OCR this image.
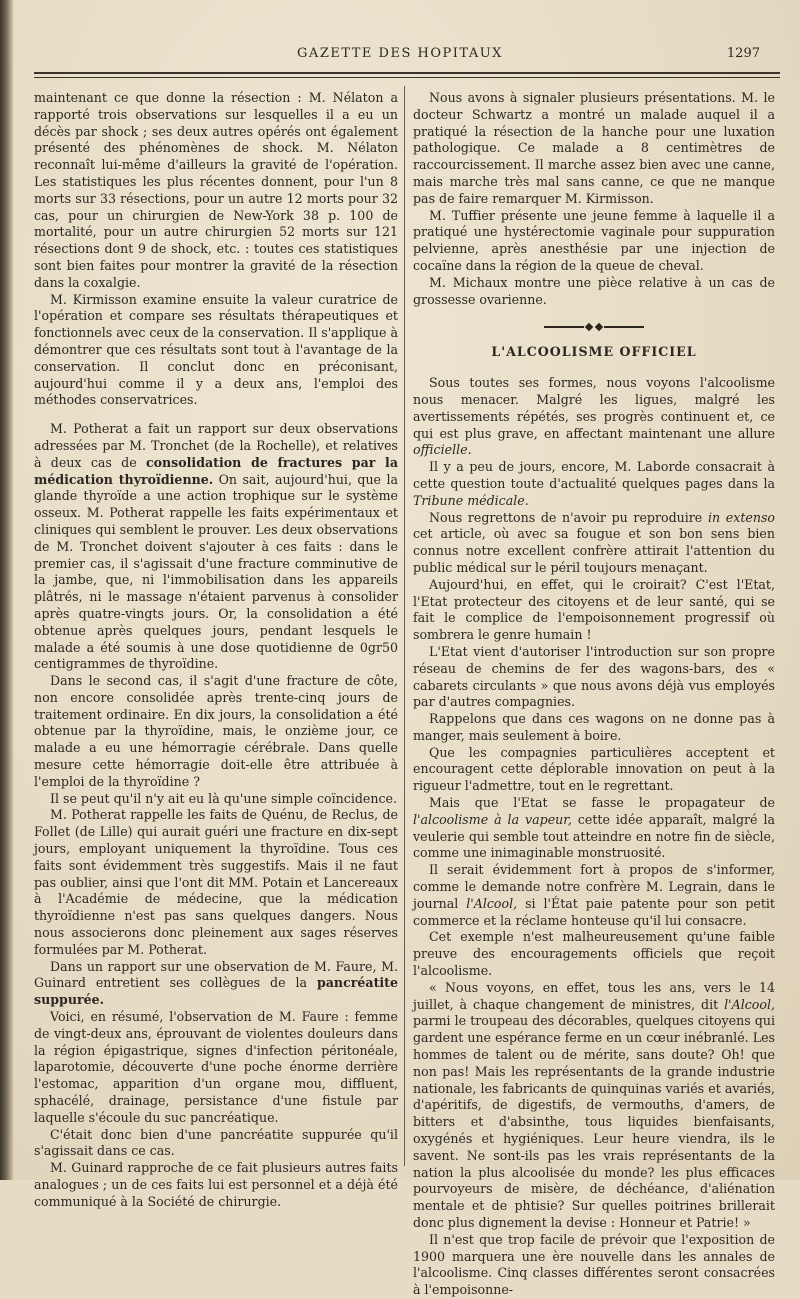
GAZETTE DES HOPITAUX	1297

maintenant ce que donne la résection : M. Nélaton a rapporté trois observations sur lesquelles il a eu un décès par shock ; ses deux autres opérés ont également présenté des phénomènes de shock. M. Nélaton reconnaît lui-même d'ailleurs la gravité de l'opération. Les statistiques les plus récentes donnent, pour l'un 8 morts sur 33 résections, pour un autre 12 morts pour 32 cas, pour un chirurgien de New-York 38 p. 100 de mortalité, pour un autre chirurgien 52 morts sur 121 résections dont 9 de shock, etc. : toutes ces statistiques sont bien faites pour montrer la gravité de la résection dans la coxalgie.

M. Kirmisson examine ensuite la valeur curatrice de l'opération et compare ses résultats thérapeutiques et fonctionnels avec ceux de la conservation. Il s'applique à démontrer que ces résultats sont tout à l'avantage de la conservation. Il conclut donc en préconisant, aujourd'hui comme il y a deux ans, l'emploi des méthodes conservatrices.

M. Potherat a fait un rapport sur deux observations adressées par M. Tronchet (de la Rochelle), et relatives à deux cas de consolidation de fractures par la médication thyroïdienne. On sait, aujourd'hui, que la glande thyroïde a une action trophique sur le système osseux. M. Potherat rappelle les faits expérimentaux et cliniques qui semblent le prouver. Les deux observations de M. Tronchet doivent s'ajouter à ces faits : dans le premier cas, il s'agissait d'une fracture comminutive de la jambe, que, ni l'immobilisation dans les appareils plâtrés, ni le massage n'étaient parvenus à consolider après quatre-vingts jours. Or, la consolidation a été obtenue après quelques jours, pendant lesquels le malade a été soumis à une dose quotidienne de 0gr50 centigrammes de thyroïdine.

Dans le second cas, il s'agit d'une fracture de côte, non encore consolidée après trente-cinq jours de traitement ordinaire. En dix jours, la consolidation a été obtenue par la thyroïdine, mais, le onzième jour, ce malade a eu une hémorragie cérébrale. Dans quelle mesure cette hémorragie doit-elle être attribuée à l'emploi de la thyroïdine ?

Il se peut qu'il n'y ait eu là qu'une simple coïncidence.

M. Potherat rappelle les faits de Quénu, de Reclus, de Follet (de Lille) qui aurait guéri une fracture en dix-sept jours, employant uniquement la thyroïdine. Tous ces faits sont évidemment très suggestifs. Mais il ne faut pas oublier, ainsi que l'ont dit MM. Potain et Lancereaux à l'Académie de médecine, que la médication thyroïdienne n'est pas sans quelques dangers. Nous nous associerons donc pleinement aux sages réserves formulées par M. Potherat.

Dans un rapport sur une observation de M. Faure, M. Guinard entretient ses collègues de la pancréatite suppurée.

Voici, en résumé, l'observation de M. Faure : femme de vingt-deux ans, éprouvant de violentes douleurs dans la région épigastrique, signes d'infection péritonéale, laparotomie, découverte d'une poche énorme derrière l'estomac, apparition d'un organe mou, diffluent, sphacélé, drainage, persistance d'une fistule par laquelle s'écoule du suc pancréatique.

C'était donc bien d'une pancréatite suppurée qu'il s'agissait dans ce cas.

M. Guinard rapproche de ce fait plusieurs autres faits analogues ; un de ces faits lui est personnel et a déjà été communiqué à la Société de chirurgie.

Nous avons à signaler plusieurs présentations. M. le docteur Schwartz a montré un malade auquel il a pratiqué la résection de la hanche pour une luxation pathologique. Ce malade a 8 centimètres de raccourcissement. Il marche assez bien avec une canne, mais marche très mal sans canne, ce que ne manque pas de faire remarquer M. Kirmisson.

M. Tuffier présente une jeune femme à laquelle il a pratiqué une hystérectomie vaginale pour suppuration pelvienne, après anesthésie par une injection de cocaïne dans la région de la queue de cheval.

M. Michaux montre une pièce relative à un cas de grossesse ovarienne.

L'ALCOOLISME OFFICIEL

Sous toutes ses formes, nous voyons l'alcoolisme nous menacer. Malgré les ligues, malgré les avertissements répétés, ses progrès continuent et, ce qui est plus grave, en affectant maintenant une allure officielle.

Il y a peu de jours, encore, M. Laborde consacrait à cette question toute d'actualité quelques pages dans la Tribune médicale.

Nous regrettons de n'avoir pu reproduire in extenso cet article, où avec sa fougue et son bon sens bien connus notre excellent confrère attirait l'attention du public médical sur le péril toujours menaçant.

Aujourd'hui, en effet, qui le croirait? C'est l'Etat, l'Etat protecteur des citoyens et de leur santé, qui se fait le complice de l'empoisonnement progressif où sombrera le genre humain !

L'Etat vient d'autoriser l'introduction sur son propre réseau de chemins de fer des wagons-bars, des « cabarets circulants » que nous avons déjà vus employés par d'autres compagnies.

Rappelons que dans ces wagons on ne donne pas à manger, mais seulement à boire.

Que les compagnies particulières acceptent et encouragent cette déplorable innovation on peut à la rigueur l'admettre, tout en le regrettant.

Mais que l'Etat se fasse le propagateur de l'alcoolisme à la vapeur, cette idée apparaît, malgré la veulerie qui semble tout atteindre en notre fin de siècle, comme une inimaginable monstruosité.

Il serait évidemment fort à propos de s'informer, comme le demande notre confrère M. Legrain, dans le journal l'Alcool, si l'État paie patente pour son petit commerce et la réclame honteuse qu'il lui consacre.

Cet exemple n'est malheureusement qu'une faible preuve des encouragements officiels que reçoit l'alcoolisme.

« Nous voyons, en effet, tous les ans, vers le 14 juillet, à chaque changement de ministres, dit l'Alcool, parmi le troupeau des décorables, quelques citoyens qui gardent une espérance ferme en un cœur inébranlé. Les hommes de talent ou de mérite, sans doute? Oh! que non pas! Mais les représentants de la grande industrie nationale, les fabricants de quinquinas variés et avariés, d'apéritifs, de digestifs, de vermouths, d'amers, de bitters et d'absinthe, tous liquides bienfaisants, oxygénés et hygiéniques. Leur heure viendra, ils le savent. Ne sont-ils pas les vrais représentants de la nation la plus alcoolisée du monde? les plus efficaces pourvoyeurs de misère, de déchéance, d'aliénation mentale et de phtisie? Sur quelles poitrines brillerait donc plus dignement la devise : Honneur et Patrie! »

Il n'est que trop facile de prévoir que l'exposition de 1900 marquera une ère nouvelle dans les annales de l'alcoolisme. Cinq classes différentes seront consacrées à l'empoisonne-
